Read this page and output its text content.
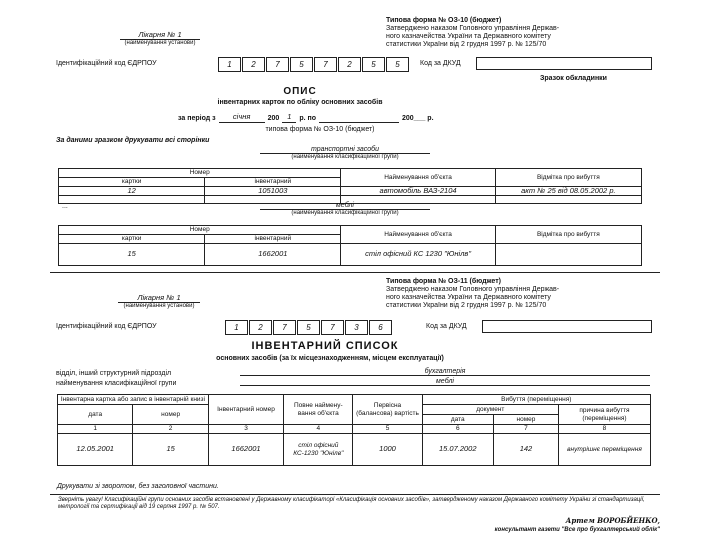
Типова форма № ОЗ-10 (бюджет)
Затверджено наказом Головного управління Держав-
ного казначейства України та Державного комітету
статистики України від 2 грудня 1997 р. № 125/70
Лікарня № 1
(найменування установи)
Ідентифікаційний код ЄДРПОУ	1	2	7	5	7	2	5	5	Код за ДКУД
Зразок обкладинки
ОПИС
інвентарних карток по обліку основних засобів
за період з	січня	200	1	р. по	200___ р.
типова форма № ОЗ-10 (бюджет)
За даними зразком друкувати всі сторінки
транспортні засоби
(найменування класифікаційної групи)
Номер		Найменування об'єкта	Відмітка про вибуття
картки	інвентарний		
12	1051003	автомобіль ВАЗ-2104	акт № 25 від 08.05.2002 р.

...	меблі
(найменування класифікаційної групи)
Номер		Найменування об'єкта	Відмітка про вибуття
картки	інвентарний		
15	1662001	стіл офісний КС 1230 "Юнілв"	
Типова форма № ОЗ-11 (бюджет)
Затверджено наказом Головного управління Держав-
ного казначейства України та Державного комітету
статистики України від 2 грудня 1997 р. № 125/70
Лікарня № 1
(найменування установи)
Ідентифікаційний код ЄДРПОУ	1	2	7	5	7	3	6	Код за ДКУД
ІНВЕНТАРНИЙ СПИСОК
основних засобів (за їх місцезнаходженням, місцем експлуатації)
відділ, інший структурний підрозділ	бухгалтерія
найменування класифікаційної групи	меблі
Інвентарна картка або запис в інвентарній книзі		Інвентарний номер	Повне наймену-вання об'єкта	Первісна (балансова) вартість	Вибуття (переміщення)		
дата	номер				документ		причина вибуття (переміщення)
					дата	номер	
1	2	3	4	5	6	7	8
12.05.2001	15	1662001	стіл офісний КС-1230 "Юнілв"	1000	15.07.2002	142	внутрішнє переміщення
Друкувати зі зворотом, без заголовної частини.
Зверніть увагу! Класифікаційні групи основних засобів встановлені у Державному класифікаторі «Класифікація основних засобів», затвердженому наказом Державного комітету України зі стандартизації, метрології та сертифікації від 19 серпня 1997 р. № 507.
Артем ВОРОБЙЕНКО,
консультант газети "Все про бухгалтерський облік"
